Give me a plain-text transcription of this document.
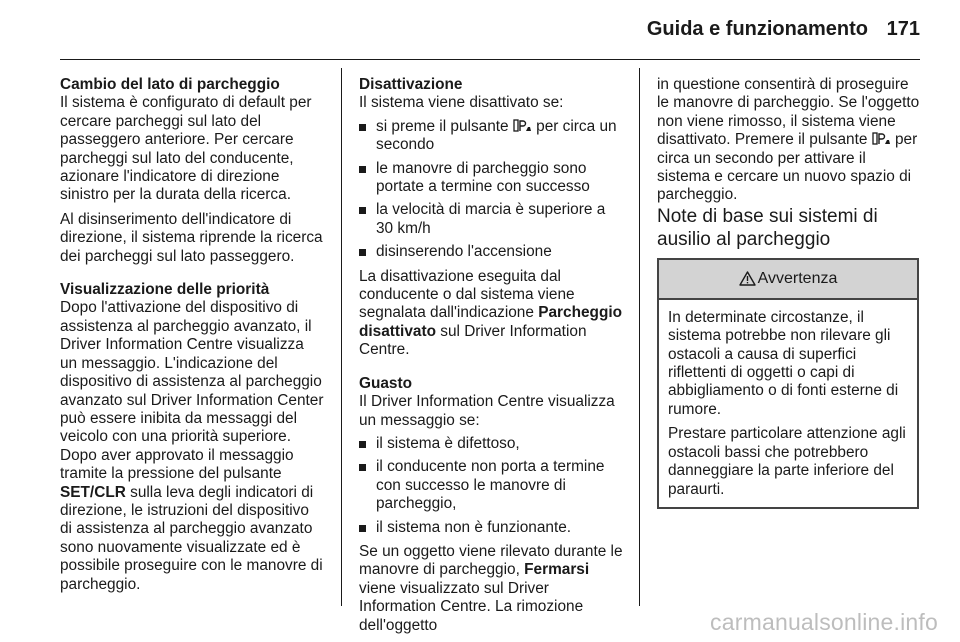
Guida e funzionamento 171

Cambio del lato di parcheggio

Il sistema è configurato di default per cercare parcheggi sul lato del passeggero anteriore. Per cercare parcheggi sul lato del conducente, azionare l'indicatore di direzione sinistro per la durata della ricerca.

Al disinserimento dell'indicatore di direzione, il sistema riprende la ricerca dei parcheggi sul lato passeggero.

Visualizzazione delle priorità

Dopo l'attivazione del dispositivo di assistenza al parcheggio avanzato, il Driver Information Centre visualizza un messaggio. L'indicazione del dispositivo di assistenza al parcheggio avanzato sul Driver Information Center può essere inibita da messaggi del veicolo con una priorità superiore. Dopo aver approvato il messaggio tramite la pressione del pulsante SET/CLR sulla leva degli indicatori di direzione, le istruzioni del dispositivo di assistenza al parcheggio avanzato sono nuovamente visualizzate ed è possibile proseguire con le manovre di parcheggio.

Disattivazione

Il sistema viene disattivato se:

si preme il pulsante  per circa un secondo
le manovre di parcheggio sono portate a termine con successo
la velocità di marcia è superiore a 30 km/h
disinserendo l'accensione

La disattivazione eseguita dal conducente o dal sistema viene segnalata dall'indicazione Parcheggio disattivato sul Driver Information Centre.

Guasto

Il Driver Information Centre visualizza un messaggio se:

il sistema è difettoso,
il conducente non porta a termine con successo le manovre di parcheggio,
il sistema non è funzionante.

Se un oggetto viene rilevato durante le manovre di parcheggio, Fermarsi viene visualizzato sul Driver Information Centre. La rimozione dell'oggetto

in questione consentirà di proseguire le manovre di parcheggio. Se l'oggetto non viene rimosso, il sistema viene disattivato. Premere il pulsante  per circa un secondo per attivare il sistema e cercare un nuovo spazio di parcheggio.

Note di base sui sistemi di ausilio al parcheggio

Avvertenza

In determinate circostanze, il sistema potrebbe non rilevare gli ostacoli a causa di superfici riflettenti di oggetti o capi di abbigliamento o di fonti esterne di rumore.

Prestare particolare attenzione agli ostacoli bassi che potrebbero danneggiare la parte inferiore del paraurti.

carmanualsonline.info
